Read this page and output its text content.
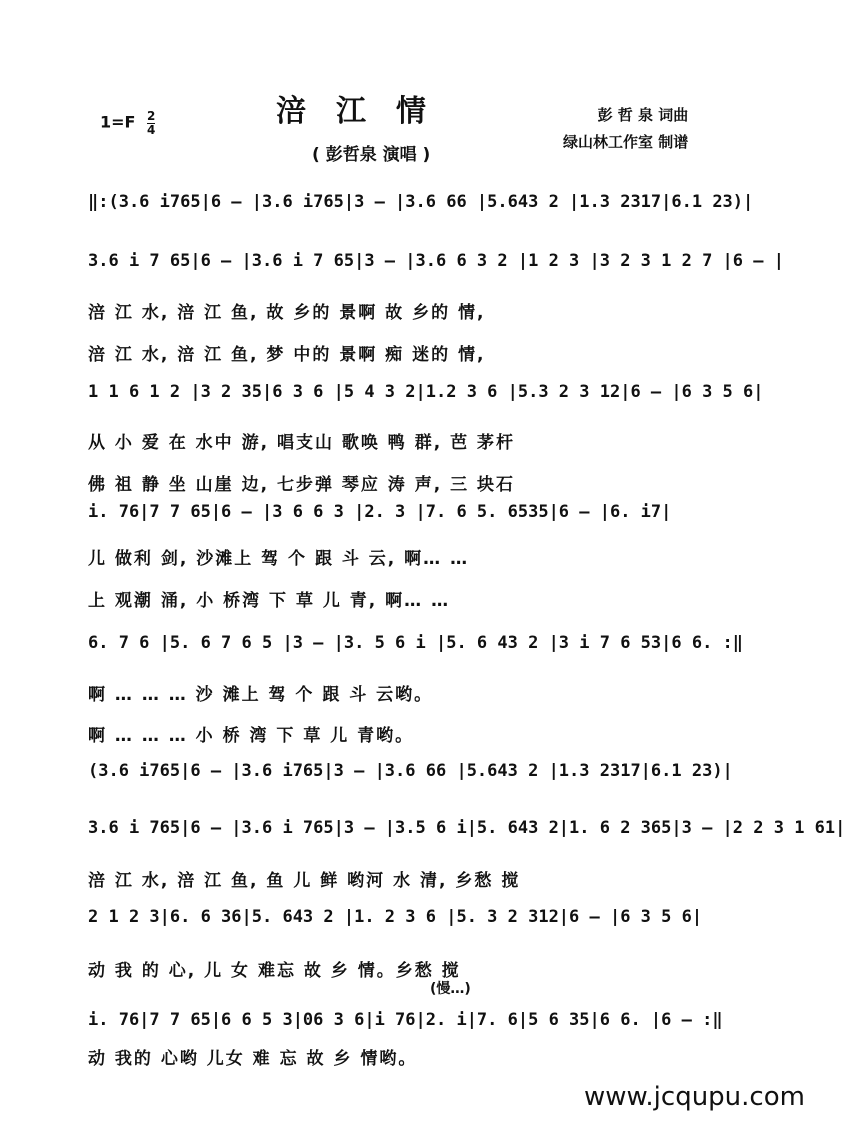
$1=F \frac{2}{4}$	涪江情
( 彭哲泉 演唱 )
彭 哲 泉 词曲
绿山林工作室 制谱
‖:(3.6 i765|6 – |3.6 i765|3 – |3.6 66 |5.643 2 |1.3 2317|6.1 23)|
3.6 i 7 65|6 – |3.6 i 7 65|3 – |3.6 6 3 2 |1 2 3 |3 2 3 1 2 7 |6 – |
涪 江 水, 涪 江 鱼, 故 乡的 景啊 故 乡的 情,
涪 江 水, 涪 江 鱼, 梦 中的 景啊 痴 迷的 情,
1 1 6 1 2 |3 2 35|6 3 6 |5 4 3 2|1.2 3 6 |5.3 2 3 12|6 – |6 3 5 6|
从 小 爱 在 水中 游, 唱支山 歌唤 鸭 群, 芭 茅杆
佛 祖 静 坐 山崖 边, 七步弹 琴应 涛 声, 三 块石
i. 76|7 7 65|6 – |3 6 6 3 |2. 3 |7. 6 5. 6535|6 – |6. i7|
儿 做利 剑, 沙滩上 驾 个 跟 斗 云, 啊… …
上 观潮 涌, 小 桥湾 下 草 儿 青, 啊… …
6. 7 6 |5. 6 7 6 5 |3 – |3. 5 6 i |5. 6 43 2 |3 i 7 6 53|6 6. :‖
啊 … … … 沙 滩上 驾 个 跟 斗 云哟。
啊 … … … 小 桥 湾 下 草 儿 青哟。
(3.6 i765|6 – |3.6 i765|3 – |3.6 66 |5.643 2 |1.3 2317|6.1 23)|
3.6 i 765|6 – |3.6 i 765|3 – |3.5 6 i|5. 643 2|1. 6 2 365|3 – |2 2 3 1 61|
涪 江 水, 涪 江 鱼, 鱼 儿 鲜 哟河 水 清, 乡愁 搅
2 1 2 3|6. 6 36|5. 643 2 |1. 2 3 6 |5. 3 2 312|6 – |6 3 5 6|
动 我 的 心, 儿 女 难忘 故 乡 情。乡愁 搅
i. 76|7 7 65|6 6 5 3|06 3 6|i 76|2. i|7. 6|5 6 35|6 6. |6 – :‖
动 我的 心哟 儿女 难 忘 故 乡 情哟。
(慢…)
www.jcqupu.com
